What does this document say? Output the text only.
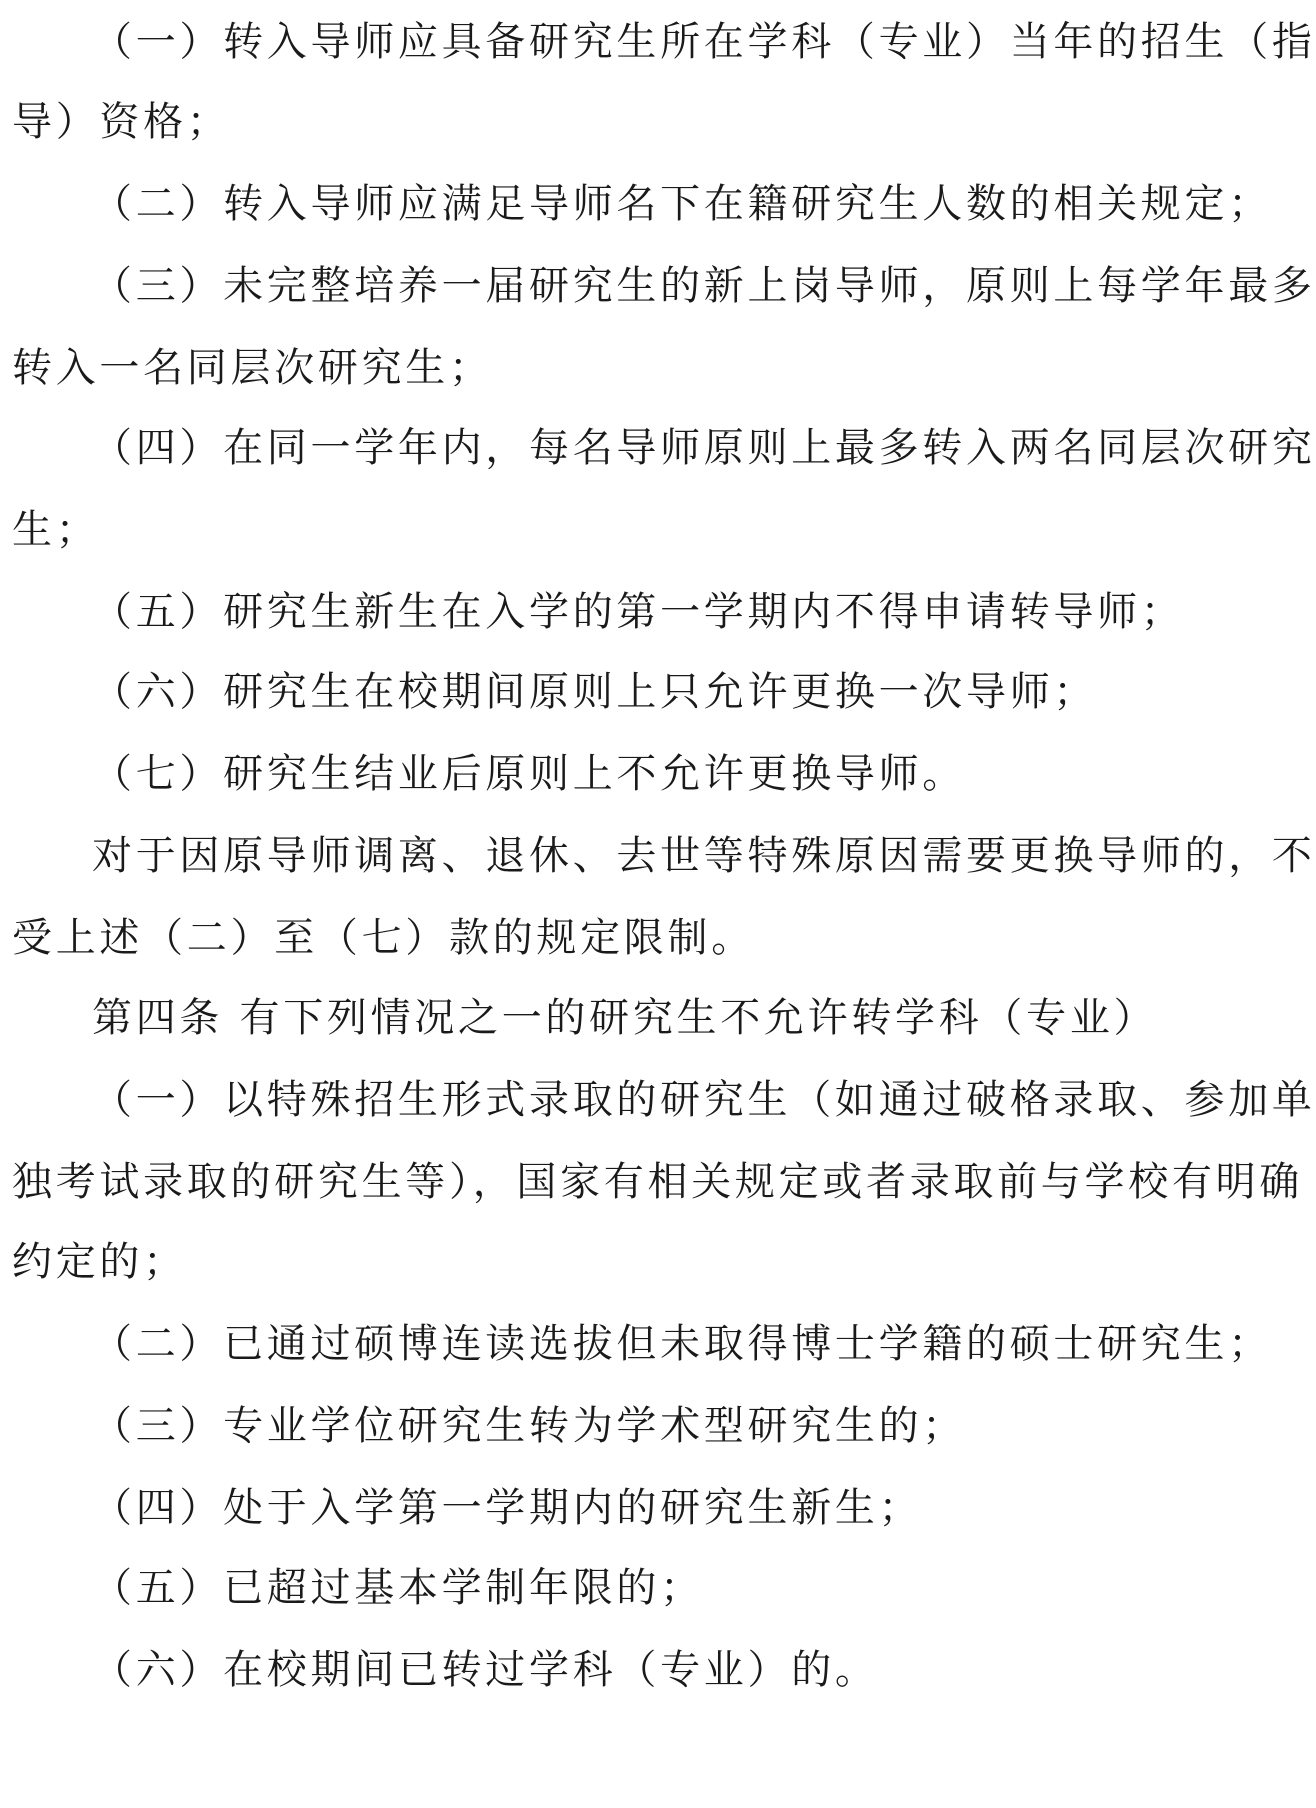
（一）转入导师应具备研究生所在学科（专业）当年的招生（指
导）资格；
（二）转入导师应满足导师名下在籍研究生人数的相关规定；
（三）未完整培养一届研究生的新上岗导师，原则上每学年最多
转入一名同层次研究生；
（四）在同一学年内，每名导师原则上最多转入两名同层次研究
生；
（五）研究生新生在入学的第一学期内不得申请转导师；
（六）研究生在校期间原则上只允许更换一次导师；
（七）研究生结业后原则上不允许更换导师。
对于因原导师调离、退休、去世等特殊原因需要更换导师的，不
受上述（二）至（七）款的规定限制。
第四条 有下列情况之一的研究生不允许转学科（专业）
（一）以特殊招生形式录取的研究生（如通过破格录取、参加单
独考试录取的研究生等），国家有相关规定或者录取前与学校有明确
约定的；
（二）已通过硕博连读选拔但未取得博士学籍的硕士研究生；
（三）专业学位研究生转为学术型研究生的；
（四）处于入学第一学期内的研究生新生；
（五）已超过基本学制年限的；
（六）在校期间已转过学科（专业）的。
